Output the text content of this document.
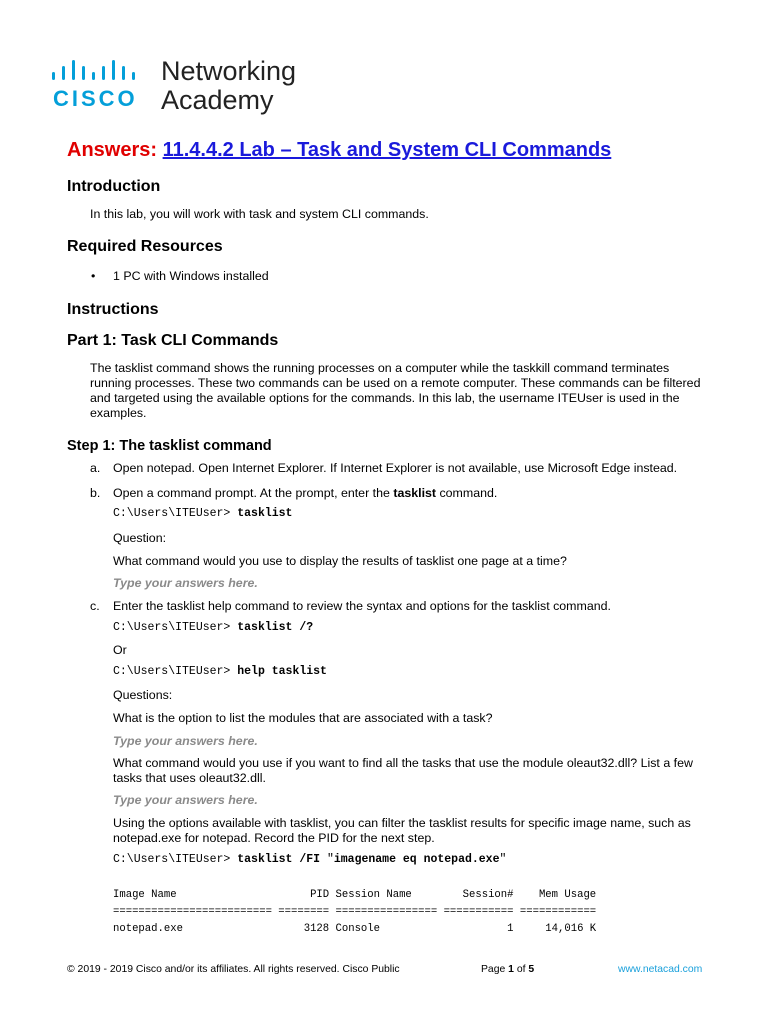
CISCO
Networking
Academy
Answers: 11.4.4.2 Lab – Task and System CLI Commands
Introduction
In this lab, you will work with task and system CLI commands.
Required Resources
• 1 PC with Windows installed
Instructions
Part 1: Task CLI Commands
The tasklist command shows the running processes on a computer while the taskkill command terminates running processes. These two commands can be used on a remote computer. These commands can be filtered and targeted using the available options for the commands. In this lab, the username ITEUser is used in the examples.
Step 1: The tasklist command
a. Open notepad. Open Internet Explorer. If Internet Explorer is not available, use Microsoft Edge instead.
b. Open a command prompt. At the prompt, enter the tasklist command.
C:\Users\ITEUser> tasklist
Question:
What command would you use to display the results of tasklist one page at a time?
Type your answers here.
c. Enter the tasklist help command to review the syntax and options for the tasklist command.
C:\Users\ITEUser> tasklist /?
Or
C:\Users\ITEUser> help tasklist
Questions:
What is the option to list the modules that are associated with a task?
Type your answers here.
What command would you use if you want to find all the tasks that use the module oleaut32.dll? List a few tasks that uses oleaut32.dll.
Type your answers here.
Using the options available with tasklist, you can filter the tasklist results for specific image name, such as notepad.exe for notepad. Record the PID for the next step.
C:\Users\ITEUser> tasklist /FI "imagename eq notepad.exe"
Image Name                     PID Session Name        Session#    Mem Usage
========================= ======== ================ =========== ============
notepad.exe                   3128 Console                    1     14,016 K
© 2019 - 2019 Cisco and/or its affiliates. All rights reserved. Cisco Public	Page 1 of 5	www.netacad.com
